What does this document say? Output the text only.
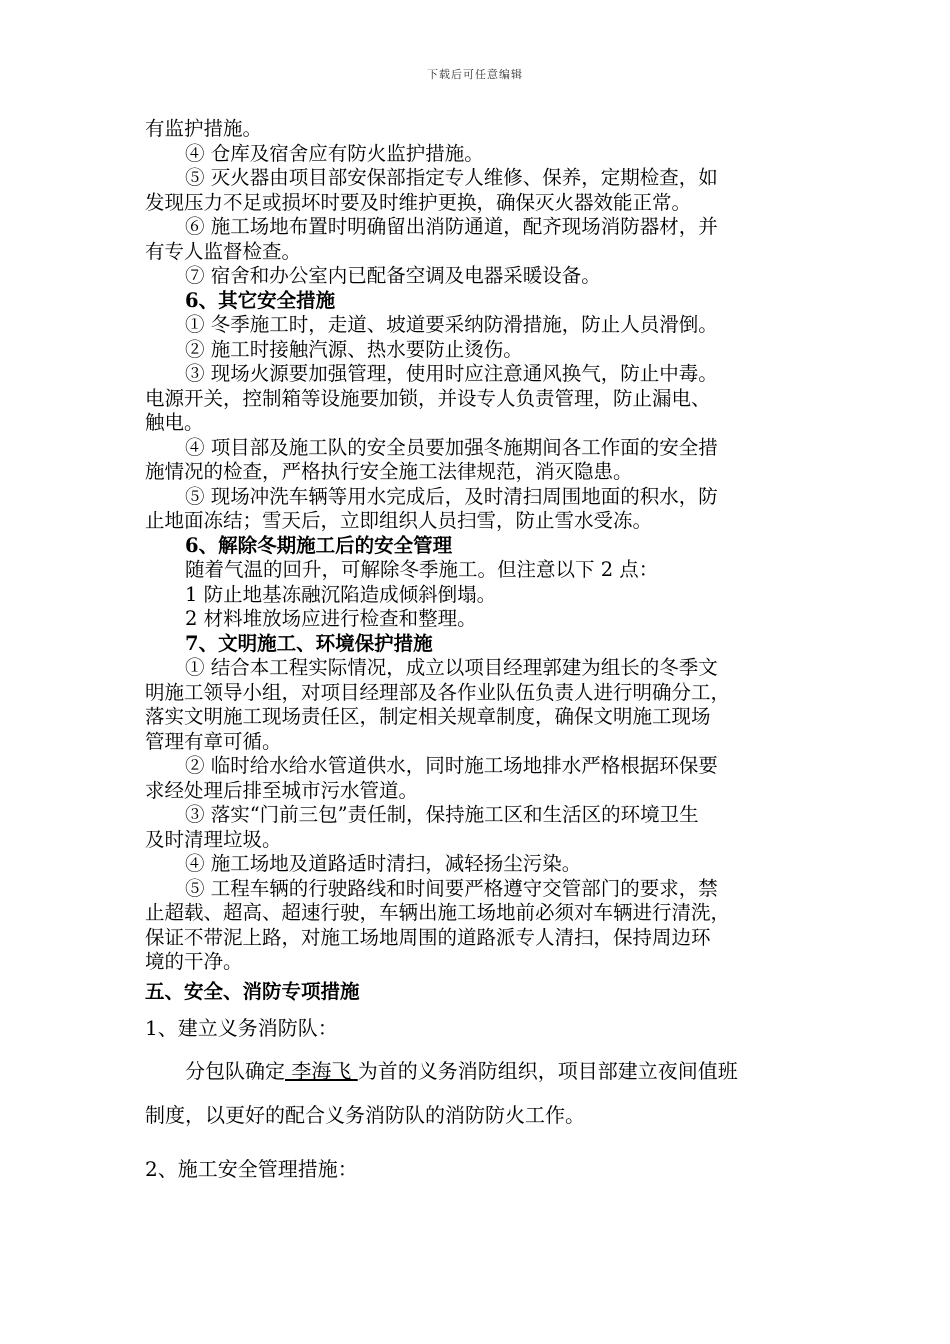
下载后可任意编辑
有监护措施。
④ 仓库及宿舍应有防火监护措施。
⑤ 灭火器由项目部安保部指定专人维修、保养，定期检查，如
发现压力不足或损坏时要及时维护更换，确保灭火器效能正常。
⑥ 施工场地布置时明确留出消防通道，配齐现场消防器材，并
有专人监督检查。
⑦ 宿舍和办公室内已配备空调及电器采暖设备。
6、其它安全措施
① 冬季施工时，走道、坡道要采纳防滑措施，防止人员滑倒。
② 施工时接触汽源、热水要防止烫伤。
③ 现场火源要加强管理，使用时应注意通风换气，防止中毒。
电源开关，控制箱等设施要加锁，并设专人负责管理，防止漏电、
触电。
④ 项目部及施工队的安全员要加强冬施期间各工作面的安全措
施情况的检查，严格执行安全施工法律规范，消灭隐患。
⑤ 现场冲洗车辆等用水完成后，及时清扫周围地面的积水，防
止地面冻结；雪天后，立即组织人员扫雪，防止雪水受冻。
6、解除冬期施工后的安全管理
随着气温的回升，可解除冬季施工。但注意以下 2 点：
1 防止地基冻融沉陷造成倾斜倒塌。
2 材料堆放场应进行检查和整理。
7、文明施工、环境保护措施
① 结合本工程实际情况，成立以项目经理郭建为组长的冬季文
明施工领导小组，对项目经理部及各作业队伍负责人进行明确分工，
落实文明施工现场责任区，制定相关规章制度，确保文明施工现场
管理有章可循。
② 临时给水给水管道供水，同时施工场地排水严格根据环保要
求经处理后排至城市污水管道。
③ 落实“门前三包”责任制，保持施工区和生活区的环境卫生
及时清理垃圾。
④ 施工场地及道路适时清扫，减轻扬尘污染。
⑤ 工程车辆的行驶路线和时间要严格遵守交管部门的要求，禁
止超载、超高、超速行驶，车辆出施工场地前必须对车辆进行清洗，
保证不带泥上路，对施工场地周围的道路派专人清扫，保持周边环
境的干净。
五、安全、消防专项措施
1、建立义务消防队：
分包队确定 李海飞 为首的义务消防组织，项目部建立夜间值班
制度，以更好的配合义务消防队的消防防火工作。
2、施工安全管理措施：
